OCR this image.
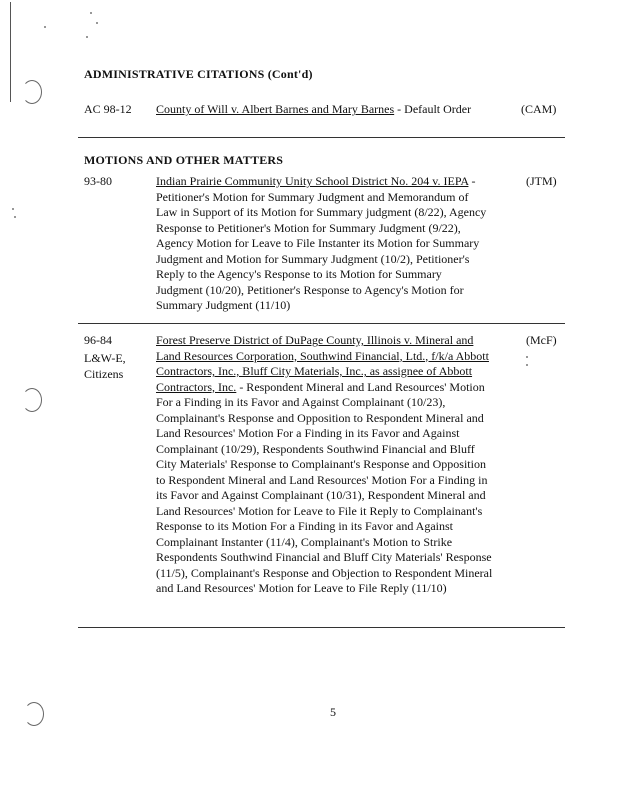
ADMINISTRATIVE CITATIONS (Cont'd)
AC 98-12 County of Will v. Albert Barnes and Mary Barnes - Default Order	(CAM)
MOTIONS AND OTHER MATTERS
93-80	Indian Prairie Community Unity School District No. 204 v. IEPA - Petitioner's Motion for Summary Judgment and Memorandum of Law in Support of its Motion for Summary judgment (8/22), Agency Response to Petitioner's Motion for Summary Judgment (9/22), Agency Motion for Leave to File Instanter its Motion for Summary Judgment and Motion for Summary Judgment (10/2), Petitioner's Reply to the Agency's Response to its Motion for Summary Judgment (10/20), Petitioner's Response to Agency's Motion for Summary Judgment (11/10)
(JTM)
96-84
L&W-E,
Citizens
Forest Preserve District of DuPage County, Illinois v. Mineral and Land Resources Corporation, Southwind Financial, Ltd., f/k/a Abbott Contractors, Inc., Bluff City Materials, Inc., as assignee of Abbott Contractors, Inc. - Respondent Mineral and Land Resources' Motion For a Finding in its Favor and Against Complainant (10/23), Complainant's Response and Opposition to Respondent Mineral and Land Resources' Motion For a Finding in its Favor and Against Complainant (10/29), Respondents Southwind Financial and Bluff City Materials' Response to Complainant's Response and Opposition to Respondent Mineral and Land Resources' Motion For a Finding in its Favor and Against Complainant (10/31), Respondent Mineral and Land Resources' Motion for Leave to File it Reply to Complainant's Response to its Motion For a Finding in its Favor and Against Complainant Instanter (11/4), Complainant's Motion to Strike Respondents Southwind Financial and Bluff City Materials' Response (11/5), Complainant's Response and Objection to Respondent Mineral and Land Resources' Motion for Leave to File Reply (11/10)
(McF)
5
